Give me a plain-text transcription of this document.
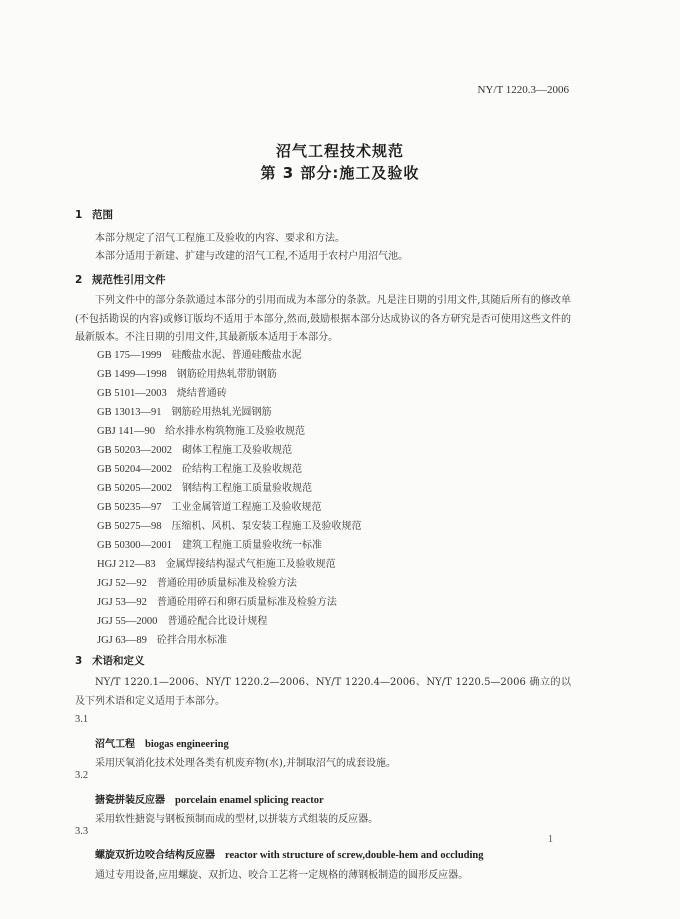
NY/T 1220.3—2006
沼气工程技术规范
第 3 部分:施工及验收
1 范围
本部分规定了沼气工程施工及验收的内容、要求和方法。
本部分适用于新建、扩建与改建的沼气工程,不适用于农村户用沼气池。
2 规范性引用文件
下列文件中的部分条款通过本部分的引用而成为本部分的条款。凡是注日期的引用文件,其随后所有的修改单(不包括勘误的内容)或修订版均不适用于本部分,然而,鼓励根据本部分达成协议的各方研究是否可使用这些文件的最新版本。不注日期的引用文件,其最新版本适用于本部分。
GB 175—1999 硅酸盐水泥、普通硅酸盐水泥
GB 1499—1998 钢筋砼用热轧带肋钢筋
GB 5101—2003 烧结普通砖
GB 13013—91 钢筋砼用热轧光圆钢筋
GBJ 141—90 给水排水构筑物施工及验收规范
GB 50203—2002 砌体工程施工及验收规范
GB 50204—2002 砼结构工程施工及验收规范
GB 50205—2002 钢结构工程施工质量验收规范
GB 50235—97 工业金属管道工程施工及验收规范
GB 50275—98 压缩机、风机、泵安装工程施工及验收规范
GB 50300—2001 建筑工程施工质量验收统一标准
HGJ 212—83 金属焊接结构湿式气柜施工及验收规范
JGJ 52—92 普通砼用砂质量标准及检验方法
JGJ 53—92 普通砼用碎石和卵石质量标准及检验方法
JGJ 55—2000 普通砼配合比设计规程
JGJ 63—89 砼拌合用水标准
3 术语和定义
NY/T 1220.1—2006、NY/T 1220.2—2006、NY/T 1220.4—2006、NY/T 1220.5—2006 确立的以及下列术语和定义适用于本部分。
3.1
沼气工程 biogas engineering
采用厌氧消化技术处理各类有机废弃物(水),并制取沼气的成套设施。
3.2
搪瓷拼装反应器 porcelain enamel splicing reactor
采用软性搪瓷与钢板预制而成的型材,以拼装方式组装的反应器。
3.3
螺旋双折边咬合结构反应器 reactor with structure of screw,double-hem and occluding
通过专用设备,应用螺旋、双折边、咬合工艺将一定规格的薄钢板制造的圆形反应器。
1
